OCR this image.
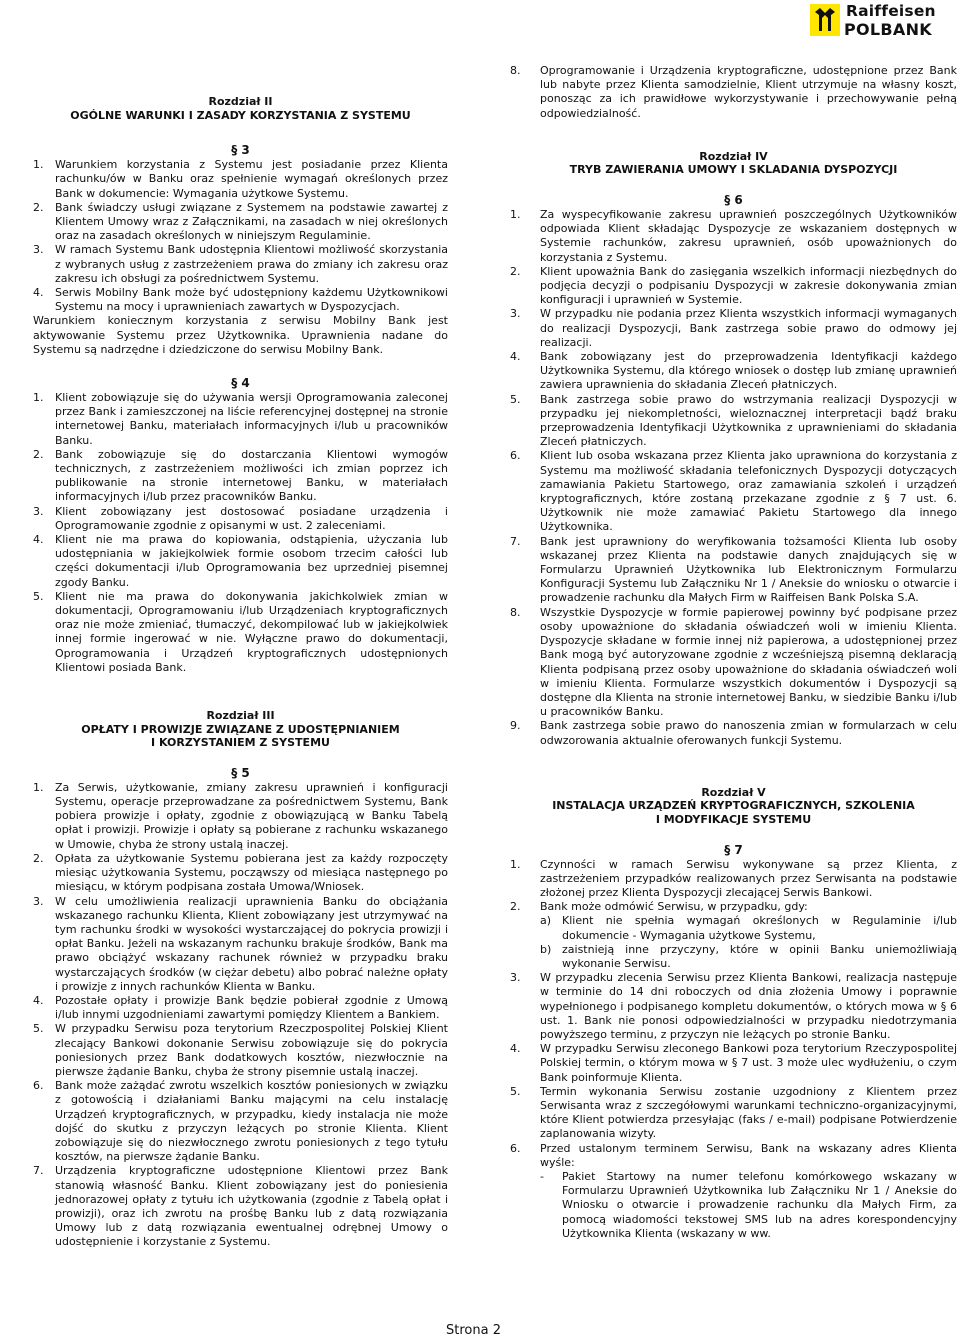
Raiffeisen
POLBANK
Rozdział II
OGÓLNE WARUNKI I ZASADY KORZYSTANIA Z SYSTEMU
§ 3
1.	Warunkiem korzystania z Systemu jest posiadanie przez Klienta rachunku/ów w Banku oraz spełnienie wymagań określonych przez Bank w dokumencie: Wymagania użytkowe Systemu.
2.	Bank świadczy usługi związane z Systemem na podstawie zawartej z Klientem Umowy wraz z Załącznikami, na zasadach w niej określonych oraz na zasadach określonych w niniejszym Regulaminie.
3.	W ramach Systemu Bank udostępnia Klientowi możliwość skorzystania z wybranych usług z zastrzeżeniem prawa do zmiany ich zakresu oraz zakresu ich obsługi za pośrednictwem Systemu.
4.	Serwis Mobilny Bank może być udostępniony każdemu Użytkownikowi Systemu na mocy i uprawnieniach zawartych w Dyspozycjach.
Warunkiem koniecznym korzystania z serwisu Mobilny Bank jest aktywowanie Systemu przez Użytkownika. Uprawnienia nadane do Systemu są nadrzędne i dziedziczone do serwisu Mobilny Bank.
§ 4
1.	Klient zobowiązuje się do używania wersji Oprogramowania zaleconej przez Bank i zamieszczonej na liście referencyjnej dostępnej na stronie internetowej Banku, materiałach informacyjnych i/lub u pracowników Banku.
2.	Bank zobowiązuje się do dostarczania Klientowi wymogów technicznych, z zastrzeżeniem możliwości ich zmian poprzez ich publikowanie na stronie internetowej Banku, w materiałach informacyjnych i/lub przez pracowników Banku.
3.	Klient zobowiązany jest dostosować posiadane urządzenia i Oprogramowanie zgodnie z opisanymi w ust. 2 zaleceniami.
4.	Klient nie ma prawa do kopiowania, odstąpienia, użyczania lub udostępniania w jakiejkolwiek formie osobom trzecim całości lub części dokumentacji i/lub Oprogramowania bez uprzedniej pisemnej zgody Banku.
5.	Klient nie ma prawa do dokonywania jakichkolwiek zmian w dokumentacji, Oprogramowaniu i/lub Urządzeniach kryptograficznych oraz nie może zmieniać, tłumaczyć, dekompilować lub w jakiejkolwiek innej formie ingerować w nie. Wyłączne prawo do dokumentacji, Oprogramowania i Urządzeń kryptograficznych udostępnionych Klientowi posiada Bank.
Rozdział III
OPŁATY I PROWIZJE ZWIĄZANE Z UDOSTĘPNIANIEM
I KORZYSTANIEM Z SYSTEMU
§ 5
1.	Za Serwis, użytkowanie, zmiany zakresu uprawnień i konfiguracji Systemu, operacje przeprowadzane za pośrednictwem Systemu, Bank pobiera prowizje i opłaty, zgodnie z obowiązującą w Banku Tabelą opłat i prowizji. Prowizje i opłaty są pobierane z rachunku wskazanego w Umowie, chyba że strony ustalą inaczej.
2.	Opłata za użytkowanie Systemu pobierana jest za każdy rozpoczęty miesiąc użytkowania Systemu, począwszy od miesiąca następnego po miesiącu, w którym podpisana została Umowa/Wniosek.
3.	W celu umożliwienia realizacji uprawnienia Banku do obciążania wskazanego rachunku Klienta, Klient zobowiązany jest utrzymywać na tym rachunku środki w wysokości wystarczającej do pokrycia prowizji i opłat Banku. Jeżeli na wskazanym rachunku brakuje środków, Bank ma prawo obciążyć wskazany rachunek również w przypadku braku wystarczających środków (w ciężar debetu) albo pobrać należne opłaty i prowizje z innych rachunków Klienta w Banku.
4.	Pozostałe opłaty i prowizje Bank będzie pobierał zgodnie z Umową i/lub innymi uzgodnieniami zawartymi pomiędzy Klientem a Bankiem.
5.	W przypadku Serwisu poza terytorium Rzeczpospolitej Polskiej Klient zlecający Bankowi dokonanie Serwisu zobowiązuje się do pokrycia poniesionych przez Bank dodatkowych kosztów, niezwłocznie na pierwsze żądanie Banku, chyba że strony pisemnie ustalą inaczej.
6.	Bank może zażądać zwrotu wszelkich kosztów poniesionych w związku z gotowością i działaniami Banku mającymi na celu instalację Urządzeń kryptograficznych, w przypadku, kiedy instalacja nie może dojść do skutku z przyczyn leżących po stronie Klienta. Klient zobowiązuje się do niezwłocznego zwrotu poniesionych z tego tytułu kosztów, na pierwsze żądanie Banku.
7.	Urządzenia kryptograficzne udostępnione Klientowi przez Bank stanowią własność Banku. Klient zobowiązany jest do poniesienia jednorazowej opłaty z tytułu ich użytkowania (zgodnie z Tabelą opłat i prowizji), oraz ich zwrotu na prośbę Banku lub z datą rozwiązania Umowy lub z datą rozwiązania ewentualnej odrębnej Umowy o udostępnienie i korzystanie z Systemu.
8.	Oprogramowanie i Urządzenia kryptograficzne, udostępnione przez Bank lub nabyte przez Klienta samodzielnie, Klient utrzymuje na własny koszt, ponosząc za ich prawidłowe wykorzystywanie i przechowywanie pełną odpowiedzialność.
Rozdział IV
TRYB ZAWIERANIA UMOWY I SKLADANIA DYSPOZYCJI
§ 6
1.	Za wyspecyfikowanie zakresu uprawnień poszczególnych Użytkowników odpowiada Klient składając Dyspozycje ze wskazaniem dostępnych w Systemie rachunków, zakresu uprawnień, osób upoważnionych do korzystania z Systemu.
2.	Klient upoważnia Bank do zasięgania wszelkich informacji niezbędnych do podjęcia decyzji o podpisaniu Dyspozycji w zakresie dokonywania zmian konfiguracji i uprawnień w Systemie.
3.	W przypadku nie podania przez Klienta wszystkich informacji wymaganych do realizacji Dyspozycji, Bank zastrzega sobie prawo do odmowy jej realizacji.
4.	Bank zobowiązany jest do przeprowadzenia Identyfikacji każdego Użytkownika Systemu, dla którego wniosek o dostęp lub zmianę uprawnień zawiera uprawnienia do składania Zleceń płatniczych.
5.	Bank zastrzega sobie prawo do wstrzymania realizacji Dyspozycji w przypadku jej niekompletności, wieloznacznej interpretacji bądź braku przeprowadzenia Identyfikacji Użytkownika z uprawnieniami do składania Zleceń płatniczych.
6.	Klient lub osoba wskazana przez Klienta jako uprawniona do korzystania z Systemu ma możliwość składania telefonicznych Dyspozycji dotyczących zamawiania Pakietu Startowego, oraz zamawiania szkoleń i urządzeń kryptograficznych, które zostaną przekazane zgodnie z § 7 ust. 6. Użytkownik nie może zamawiać Pakietu Startowego dla innego Użytkownika.
7.	Bank jest uprawniony do weryfikowania tożsamości Klienta lub osoby wskazanej przez Klienta na podstawie danych znajdujących się w Formularzu Uprawnień Użytkownika lub Elektronicznym Formularzu Konfiguracji Systemu lub Załączniku Nr 1 / Aneksie do wniosku o otwarcie i prowadzenie rachunku dla Małych Firm w Raiffeisen Bank Polska S.A.
8.	Wszystkie Dyspozycje w formie papierowej powinny być podpisane przez osoby upoważnione do składania oświadczeń woli w imieniu Klienta. Dyspozycje składane w formie innej niż papierowa, a udostępnionej przez Bank mogą być autoryzowane zgodnie z wcześniejszą pisemną deklaracją Klienta podpisaną przez osoby upoważnione do składania oświadczeń woli w imieniu Klienta. Formularze wszystkich dokumentów i Dyspozycji są dostępne dla Klienta na stronie internetowej Banku, w siedzibie Banku i/lub u pracowników Banku.
9.	Bank zastrzega sobie prawo do nanoszenia zmian w formularzach w celu odwzorowania aktualnie oferowanych funkcji Systemu.
Rozdział V
INSTALACJA URZĄDZEŃ KRYPTOGRAFICZNYCH, SZKOLENIA
I MODYFIKACJE SYSTEMU
§ 7
1.	Czynności w ramach Serwisu wykonywane są przez Klienta, z zastrzeżeniem przypadków realizowanych przez Serwisanta na podstawie złożonej przez Klienta Dyspozycji zlecającej Serwis Bankowi.
2.	Bank może odmówić Serwisu, w przypadku, gdy:
a) Klient nie spełnia wymagań określonych w Regulaminie i/lub dokumencie - Wymagania użytkowe Systemu,
b) zaistnieją inne przyczyny, które w opinii Banku uniemożliwiają wykonanie Serwisu.
3.	W przypadku zlecenia Serwisu przez Klienta Bankowi, realizacja następuje w terminie do 14 dni roboczych od dnia złożenia Umowy i poprawnie wypełnionego i podpisanego kompletu dokumentów, o których mowa w § 6 ust. 1. Bank nie ponosi odpowiedzialności w przypadku niedotrzymania powyższego terminu, z przyczyn nie leżących po stronie Banku.
4.	W przypadku Serwisu zleconego Bankowi poza terytorium Rzeczypospolitej Polskiej termin, o którym mowa w § 7 ust. 3 może ulec wydłużeniu, o czym Bank poinformuje Klienta.
5.	Termin wykonania Serwisu zostanie uzgodniony z Klientem przez Serwisanta wraz z szczegółowymi warunkami techniczno-organizacyjnymi, które Klient potwierdza przesyłając (faks / e-mail) podpisane Potwierdzenie zaplanowania wizyty.
6.	Przed ustalonym terminem Serwisu, Bank na wskazany adres Klienta wyśle:
-	Pakiet Startowy na numer telefonu komórkowego wskazany w Formularzu Uprawnień Użytkownika lub Załączniku Nr 1 / Aneksie do Wniosku o otwarcie i prowadzenie rachunku dla Małych Firm, za pomocą wiadomości tekstowej SMS lub na adres korespondencyjny Użytkownika Klienta (wskazany w ww.
Strona 2
